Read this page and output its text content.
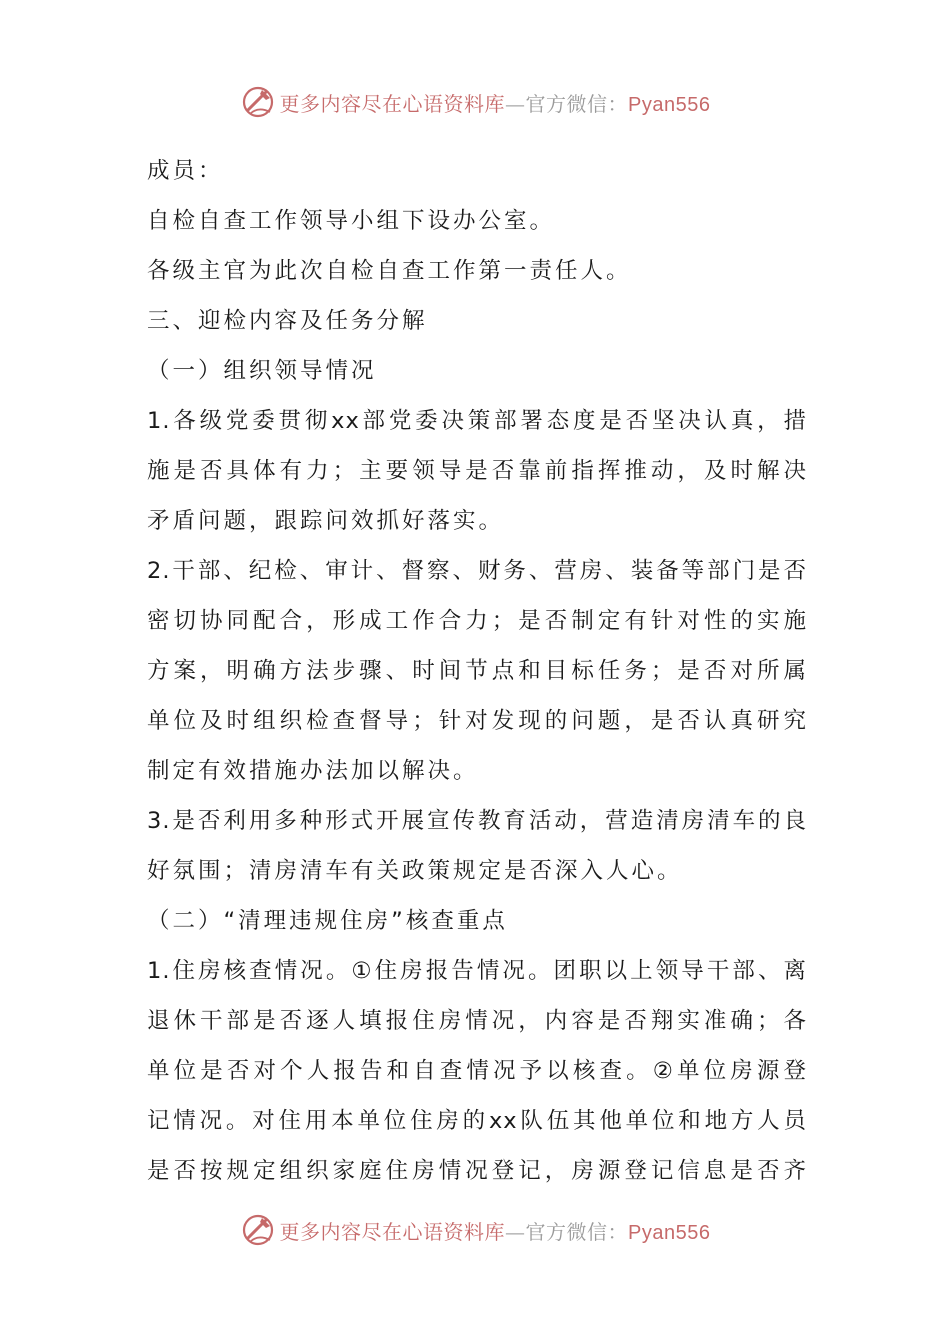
更多内容尽在心语资料库—官方微信：Pyan556
成员：
自检自查工作领导小组下设办公室。
各级主官为此次自检自查工作第一责任人。
三、迎检内容及任务分解
（一）组织领导情况
1.各级党委贯彻xx部党委决策部署态度是否坚决认真，措
施是否具体有力；主要领导是否靠前指挥推动，及时解决
矛盾问题，跟踪问效抓好落实。
2.干部、纪检、审计、督察、财务、营房、装备等部门是否
密切协同配合，形成工作合力；是否制定有针对性的实施
方案，明确方法步骤、时间节点和目标任务；是否对所属
单位及时组织检查督导；针对发现的问题，是否认真研究
制定有效措施办法加以解决。
3.是否利用多种形式开展宣传教育活动，营造清房清车的良
好氛围；清房清车有关政策规定是否深入人心。
（二）“清理违规住房”核查重点
1.住房核查情况。①住房报告情况。团职以上领导干部、离
退休干部是否逐人填报住房情况，内容是否翔实准确；各
单位是否对个人报告和自查情况予以核查。②单位房源登
记情况。对住用本单位住房的xx队伍其他单位和地方人员
是否按规定组织家庭住房情况登记，房源登记信息是否齐
更多内容尽在心语资料库—官方微信：Pyan556
